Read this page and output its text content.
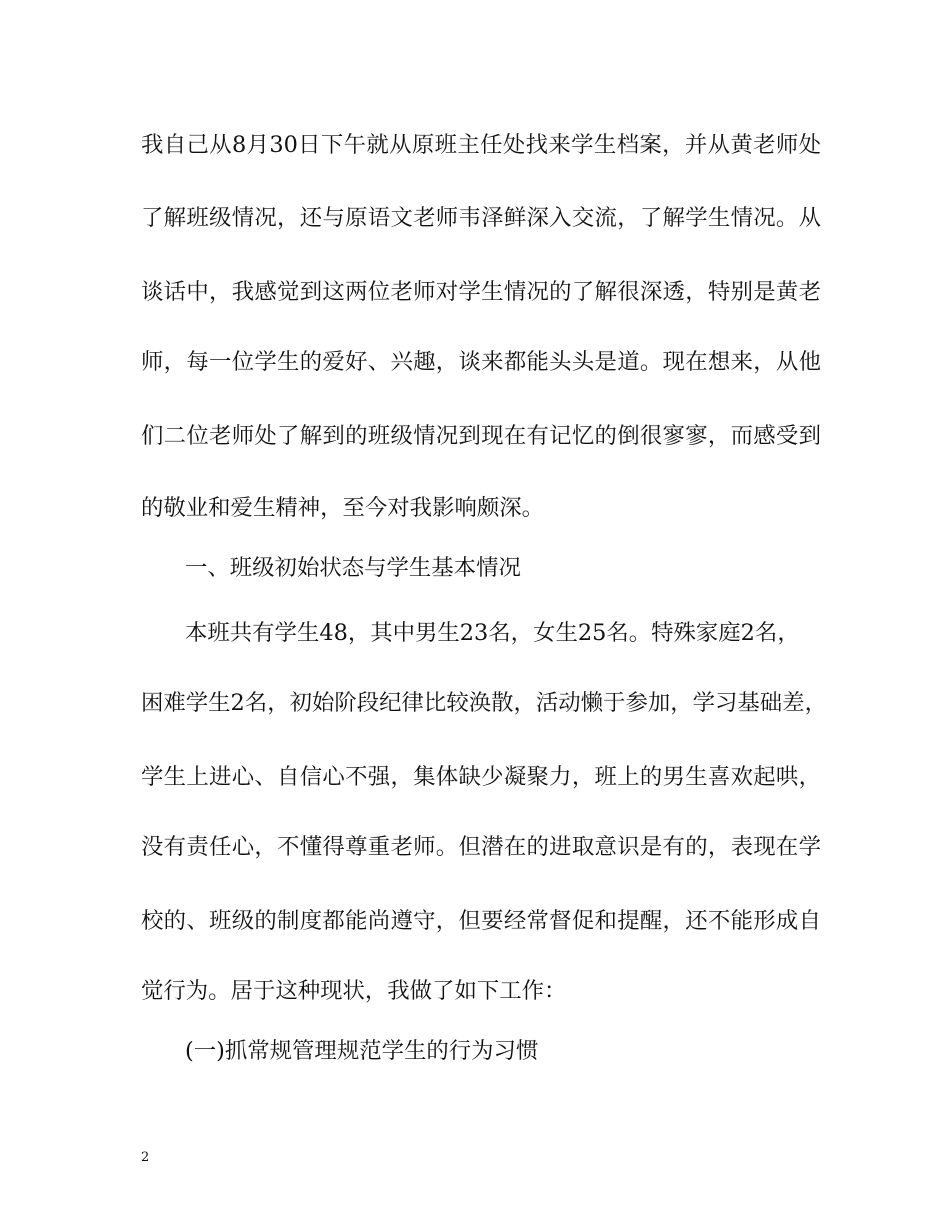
我自己从8月30日下午就从原班主任处找来学生档案，并从黄老师处
了解班级情况，还与原语文老师韦泽鲜深入交流，了解学生情况。从
谈话中，我感觉到这两位老师对学生情况的了解很深透，特别是黄老
师，每一位学生的爱好、兴趣，谈来都能头头是道。现在想来，从他
们二位老师处了解到的班级情况到现在有记忆的倒很寥寥，而感受到
的敬业和爱生精神，至今对我影响颇深。
一、班级初始状态与学生基本情况
本班共有学生48，其中男生23名，女生25名。特殊家庭2名，
困难学生2名，初始阶段纪律比较涣散，活动懒于参加，学习基础差，
学生上进心、自信心不强，集体缺少凝聚力，班上的男生喜欢起哄，
没有责任心，不懂得尊重老师。但潜在的进取意识是有的，表现在学
校的、班级的制度都能尚遵守，但要经常督促和提醒，还不能形成自
觉行为。居于这种现状，我做了如下工作：
(一)抓常规管理规范学生的行为习惯
2
